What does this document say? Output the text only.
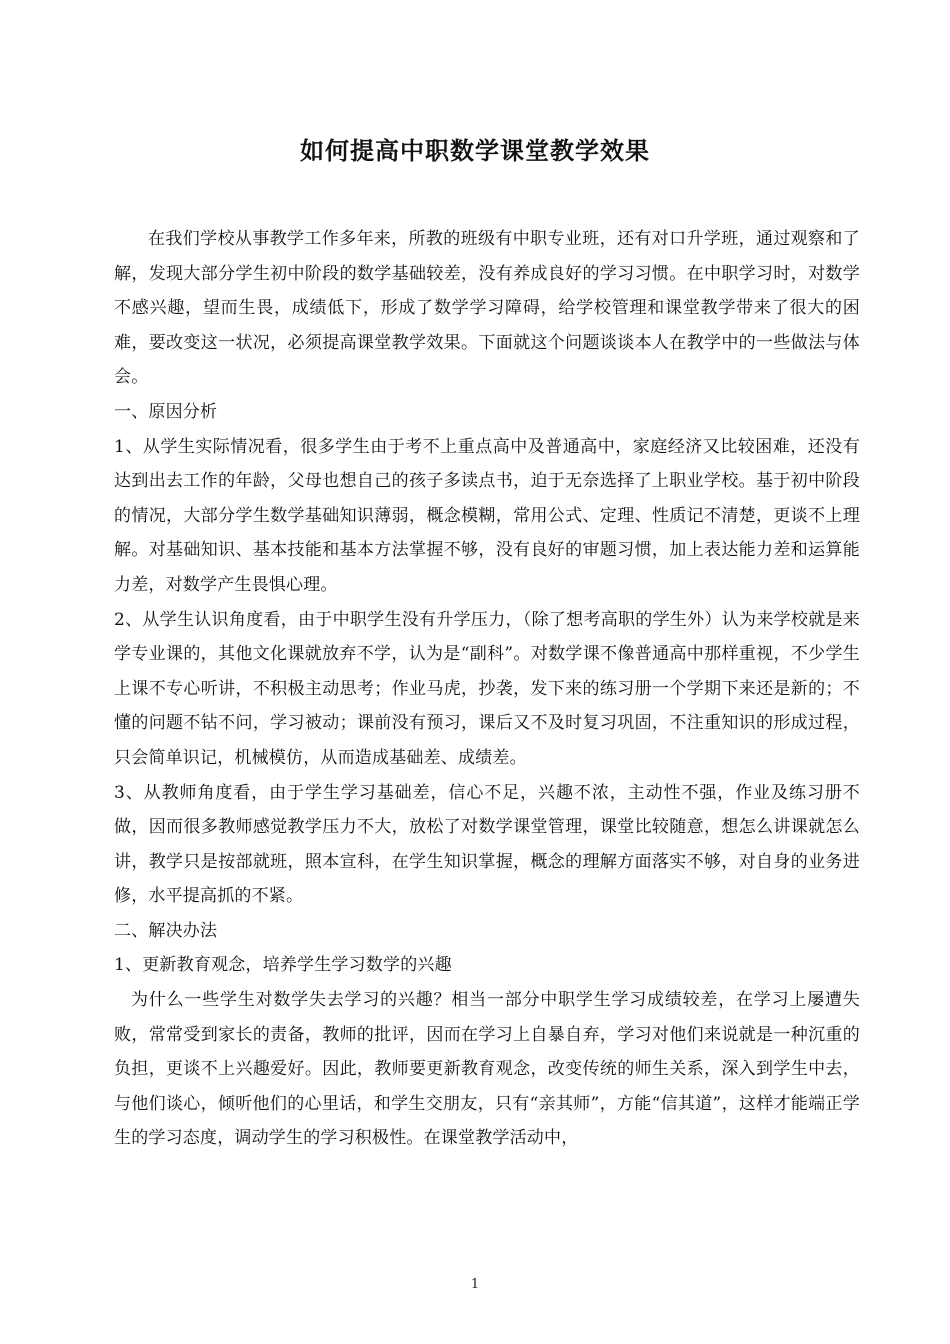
如何提高中职数学课堂教学效果

在我们学校从事教学工作多年来，所教的班级有中职专业班，还有对口升学班，通过观察和了解，发现大部分学生初中阶段的数学基础较差，没有养成良好的学习习惯。在中职学习时，对数学不感兴趣，望而生畏，成绩低下，形成了数学学习障碍，给学校管理和课堂教学带来了很大的困难，要改变这一状况，必须提高课堂教学效果。下面就这个问题谈谈本人在教学中的一些做法与体会。

一、原因分析

1、从学生实际情况看，很多学生由于考不上重点高中及普通高中，家庭经济又比较困难，还没有达到出去工作的年龄，父母也想自己的孩子多读点书，迫于无奈选择了上职业学校。基于初中阶段的情况，大部分学生数学基础知识薄弱，概念模糊，常用公式、定理、性质记不清楚，更谈不上理解。对基础知识、基本技能和基本方法掌握不够，没有良好的审题习惯，加上表达能力差和运算能力差，对数学产生畏惧心理。

2、从学生认识角度看，由于中职学生没有升学压力，（除了想考高职的学生外）认为来学校就是来学专业课的，其他文化课就放弃不学，认为是“副科”。对数学课不像普通高中那样重视，不少学生上课不专心听讲，不积极主动思考；作业马虎，抄袭，发下来的练习册一个学期下来还是新的；不懂的问题不钻不问，学习被动；课前没有预习，课后又不及时复习巩固，不注重知识的形成过程，只会简单识记，机械模仿，从而造成基础差、成绩差。

3、从教师角度看，由于学生学习基础差，信心不足，兴趣不浓，主动性不强，作业及练习册不做，因而很多教师感觉教学压力不大，放松了对数学课堂管理，课堂比较随意，想怎么讲课就怎么讲，教学只是按部就班，照本宣科，在学生知识掌握，概念的理解方面落实不够，对自身的业务进修，水平提高抓的不紧。

二、解决办法

1、更新教育观念，培养学生学习数学的兴趣

为什么一些学生对数学失去学习的兴趣？相当一部分中职学生学习成绩较差，在学习上屡遭失败，常常受到家长的责备，教师的批评，因而在学习上自暴自弃，学习对他们来说就是一种沉重的负担，更谈不上兴趣爱好。因此，教师要更新教育观念，改变传统的师生关系，深入到学生中去，与他们谈心，倾听他们的心里话，和学生交朋友，只有“亲其师”，方能“信其道”，这样才能端正学生的学习态度，调动学生的学习积极性。在课堂教学活动中，

1
